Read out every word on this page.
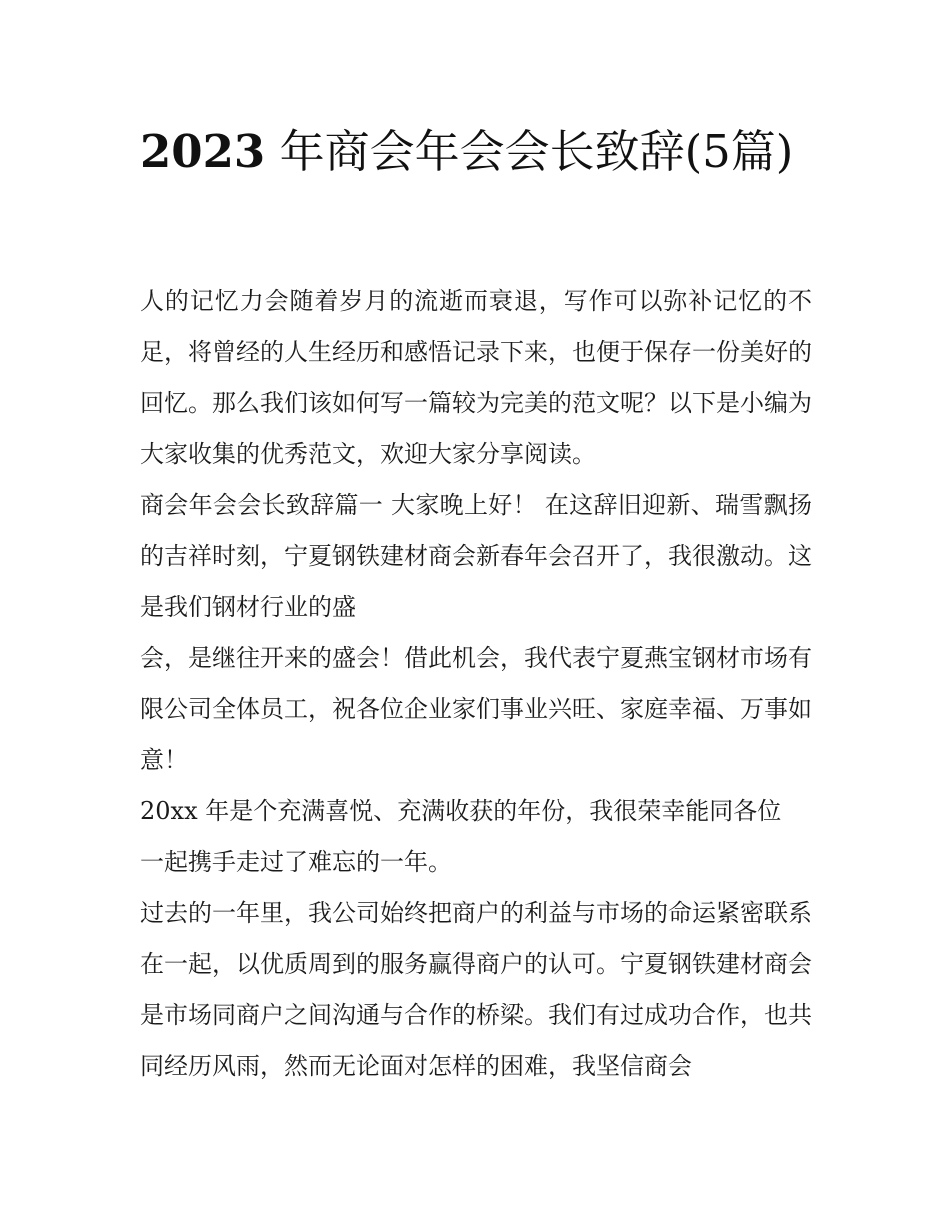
2023 年商会年会会长致辞(5篇)

人的记忆力会随着岁月的流逝而衰退，写作可以弥补记忆的不足，将曾经的人生经历和感悟记录下来，也便于保存一份美好的回忆。那么我们该如何写一篇较为完美的范文呢？以下是小编为大家收集的优秀范文，欢迎大家分享阅读。

商会年会会长致辞篇一 大家晚上好！ 在这辞旧迎新、瑞雪飘扬的吉祥时刻，宁夏钢铁建材商会新春年会召开了，我很激动。这是我们钢材行业的盛

会，是继往开来的盛会！借此机会，我代表宁夏燕宝钢材市场有限公司全体员工，祝各位企业家们事业兴旺、家庭幸福、万事如意！

20xx 年是个充满喜悦、充满收获的年份，我很荣幸能同各位

一起携手走过了难忘的一年。

过去的一年里，我公司始终把商户的利益与市场的命运紧密联系在一起，以优质周到的服务赢得商户的认可。宁夏钢铁建材商会是市场同商户之间沟通与合作的桥梁。我们有过成功合作，也共同经历风雨，然而无论面对怎样的困难，我坚信商会
